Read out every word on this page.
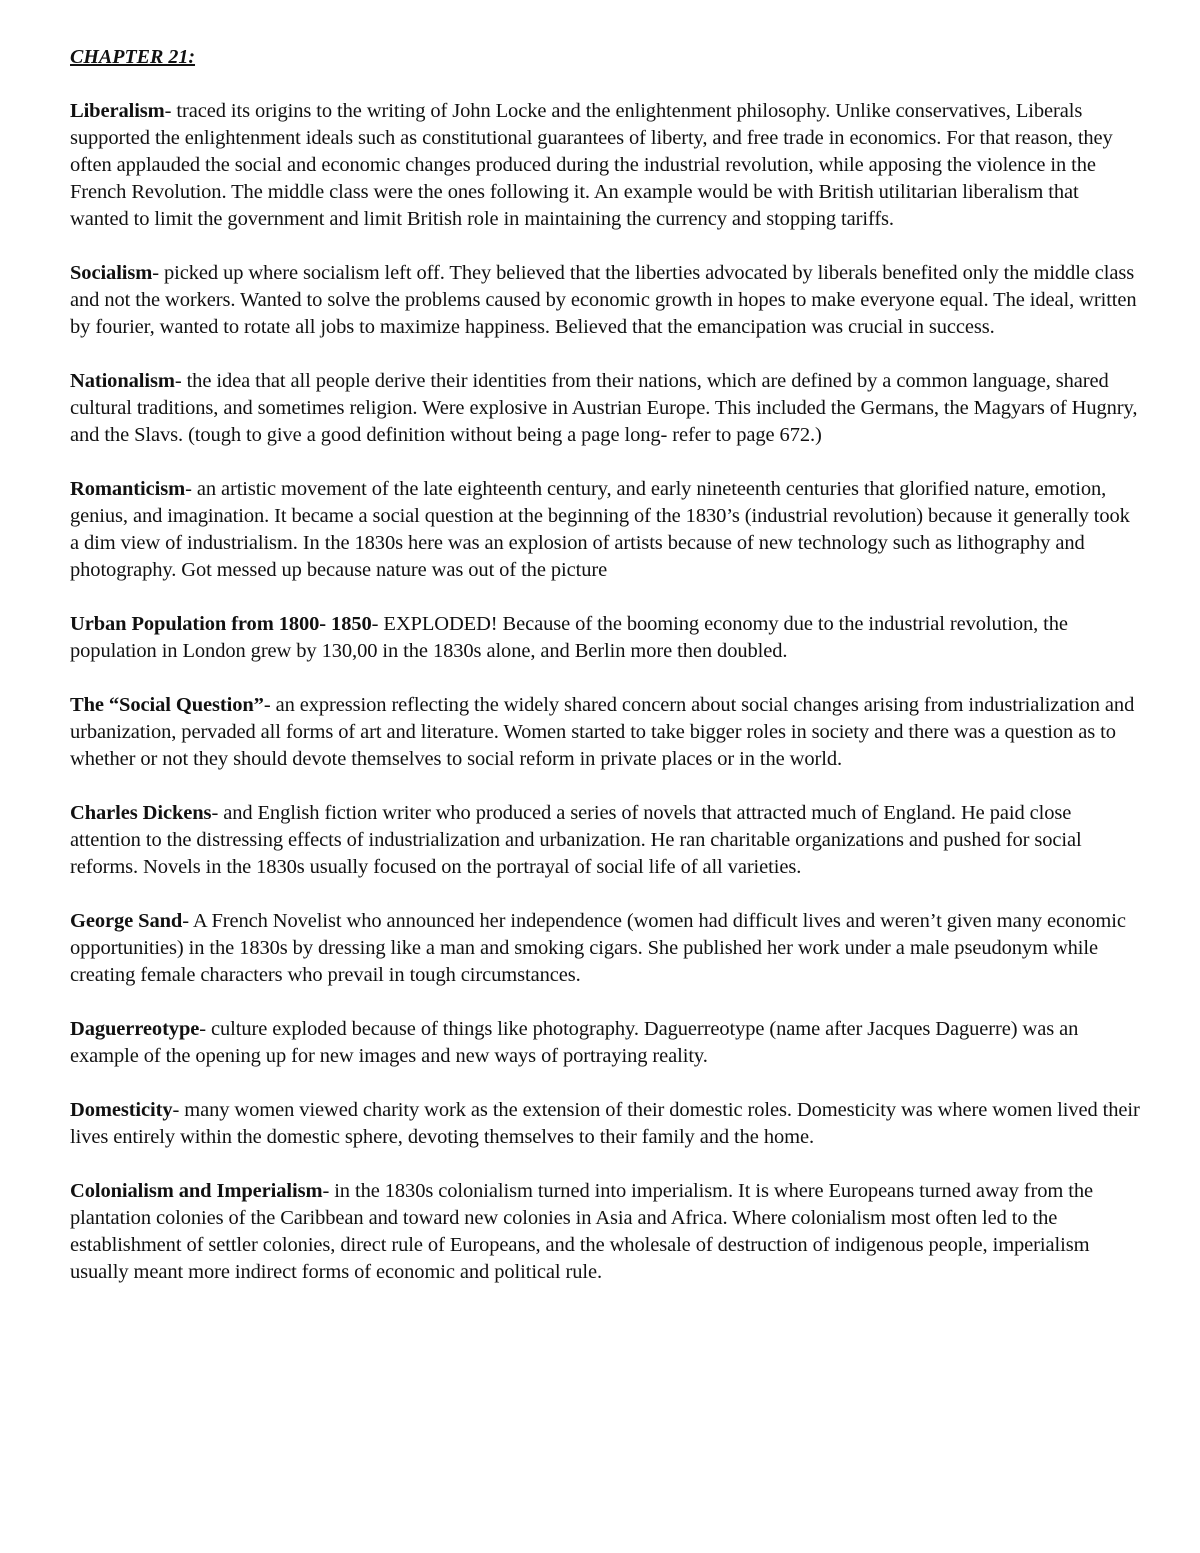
CHAPTER 21:

Liberalism- traced its origins to the writing of John Locke and the enlightenment philosophy. Unlike conservatives, Liberals supported the enlightenment ideals such as constitutional guarantees of liberty, and free trade in economics. For that reason, they often applauded the social and economic changes produced during the industrial revolution, while apposing the violence in the French Revolution. The middle class were the ones following it. An example would be with British utilitarian liberalism that wanted to limit the government and limit British role in maintaining the currency and stopping tariffs.

Socialism- picked up where socialism left off. They believed that the liberties advocated by liberals benefited only the middle class and not the workers. Wanted to solve the problems caused by economic growth in hopes to make everyone equal. The ideal, written by fourier, wanted to rotate all jobs to maximize happiness. Believed that the emancipation was crucial in success.

Nationalism- the idea that all people derive their identities from their nations, which are defined by a common language, shared cultural traditions, and sometimes religion. Were explosive in Austrian Europe. This included the Germans, the Magyars of Hugnry, and the Slavs. (tough to give a good definition without being a page long- refer to page 672.)

Romanticism- an artistic movement of the late eighteenth century, and early nineteenth centuries that glorified nature, emotion, genius, and imagination. It became a social question at the beginning of the 1830’s (industrial revolution) because it generally took a dim view of industrialism. In the 1830s here was an explosion of artists because of new technology such as lithography and photography. Got messed up because nature was out of the picture

Urban Population from 1800- 1850- EXPLODED! Because of the booming economy due to the industrial revolution, the population in London grew by 130,00 in the 1830s alone, and Berlin more then doubled.

The “Social Question”- an expression reflecting the widely shared concern about social changes arising from industrialization and urbanization, pervaded all forms of art and literature. Women started to take bigger roles in society and there was a question as to whether or not they should devote themselves to social reform in private places or in the world.

Charles Dickens- and English fiction writer who produced a series of novels that attracted much of England. He paid close attention to the distressing effects of industrialization and urbanization. He ran charitable organizations and pushed for social reforms. Novels in the 1830s usually focused on the portrayal of social life of all varieties.

George Sand- A French Novelist who announced her independence (women had difficult lives and weren’t given many economic opportunities) in the 1830s by dressing like a man and smoking cigars. She published her work under a male pseudonym while creating female characters who prevail in tough circumstances.

Daguerreotype- culture exploded because of things like photography. Daguerreotype (name after Jacques Daguerre) was an example of the opening up for new images and new ways of portraying reality.

Domesticity- many women viewed charity work as the extension of their domestic roles. Domesticity was where women lived their lives entirely within the domestic sphere, devoting themselves to their family and the home.

Colonialism and Imperialism- in the 1830s colonialism turned into imperialism. It is where Europeans turned away from the plantation colonies of the Caribbean and toward new colonies in Asia and Africa. Where colonialism most often led to the establishment of settler colonies, direct rule of Europeans, and the wholesale of destruction of indigenous people, imperialism usually meant more indirect forms of economic and political rule.
